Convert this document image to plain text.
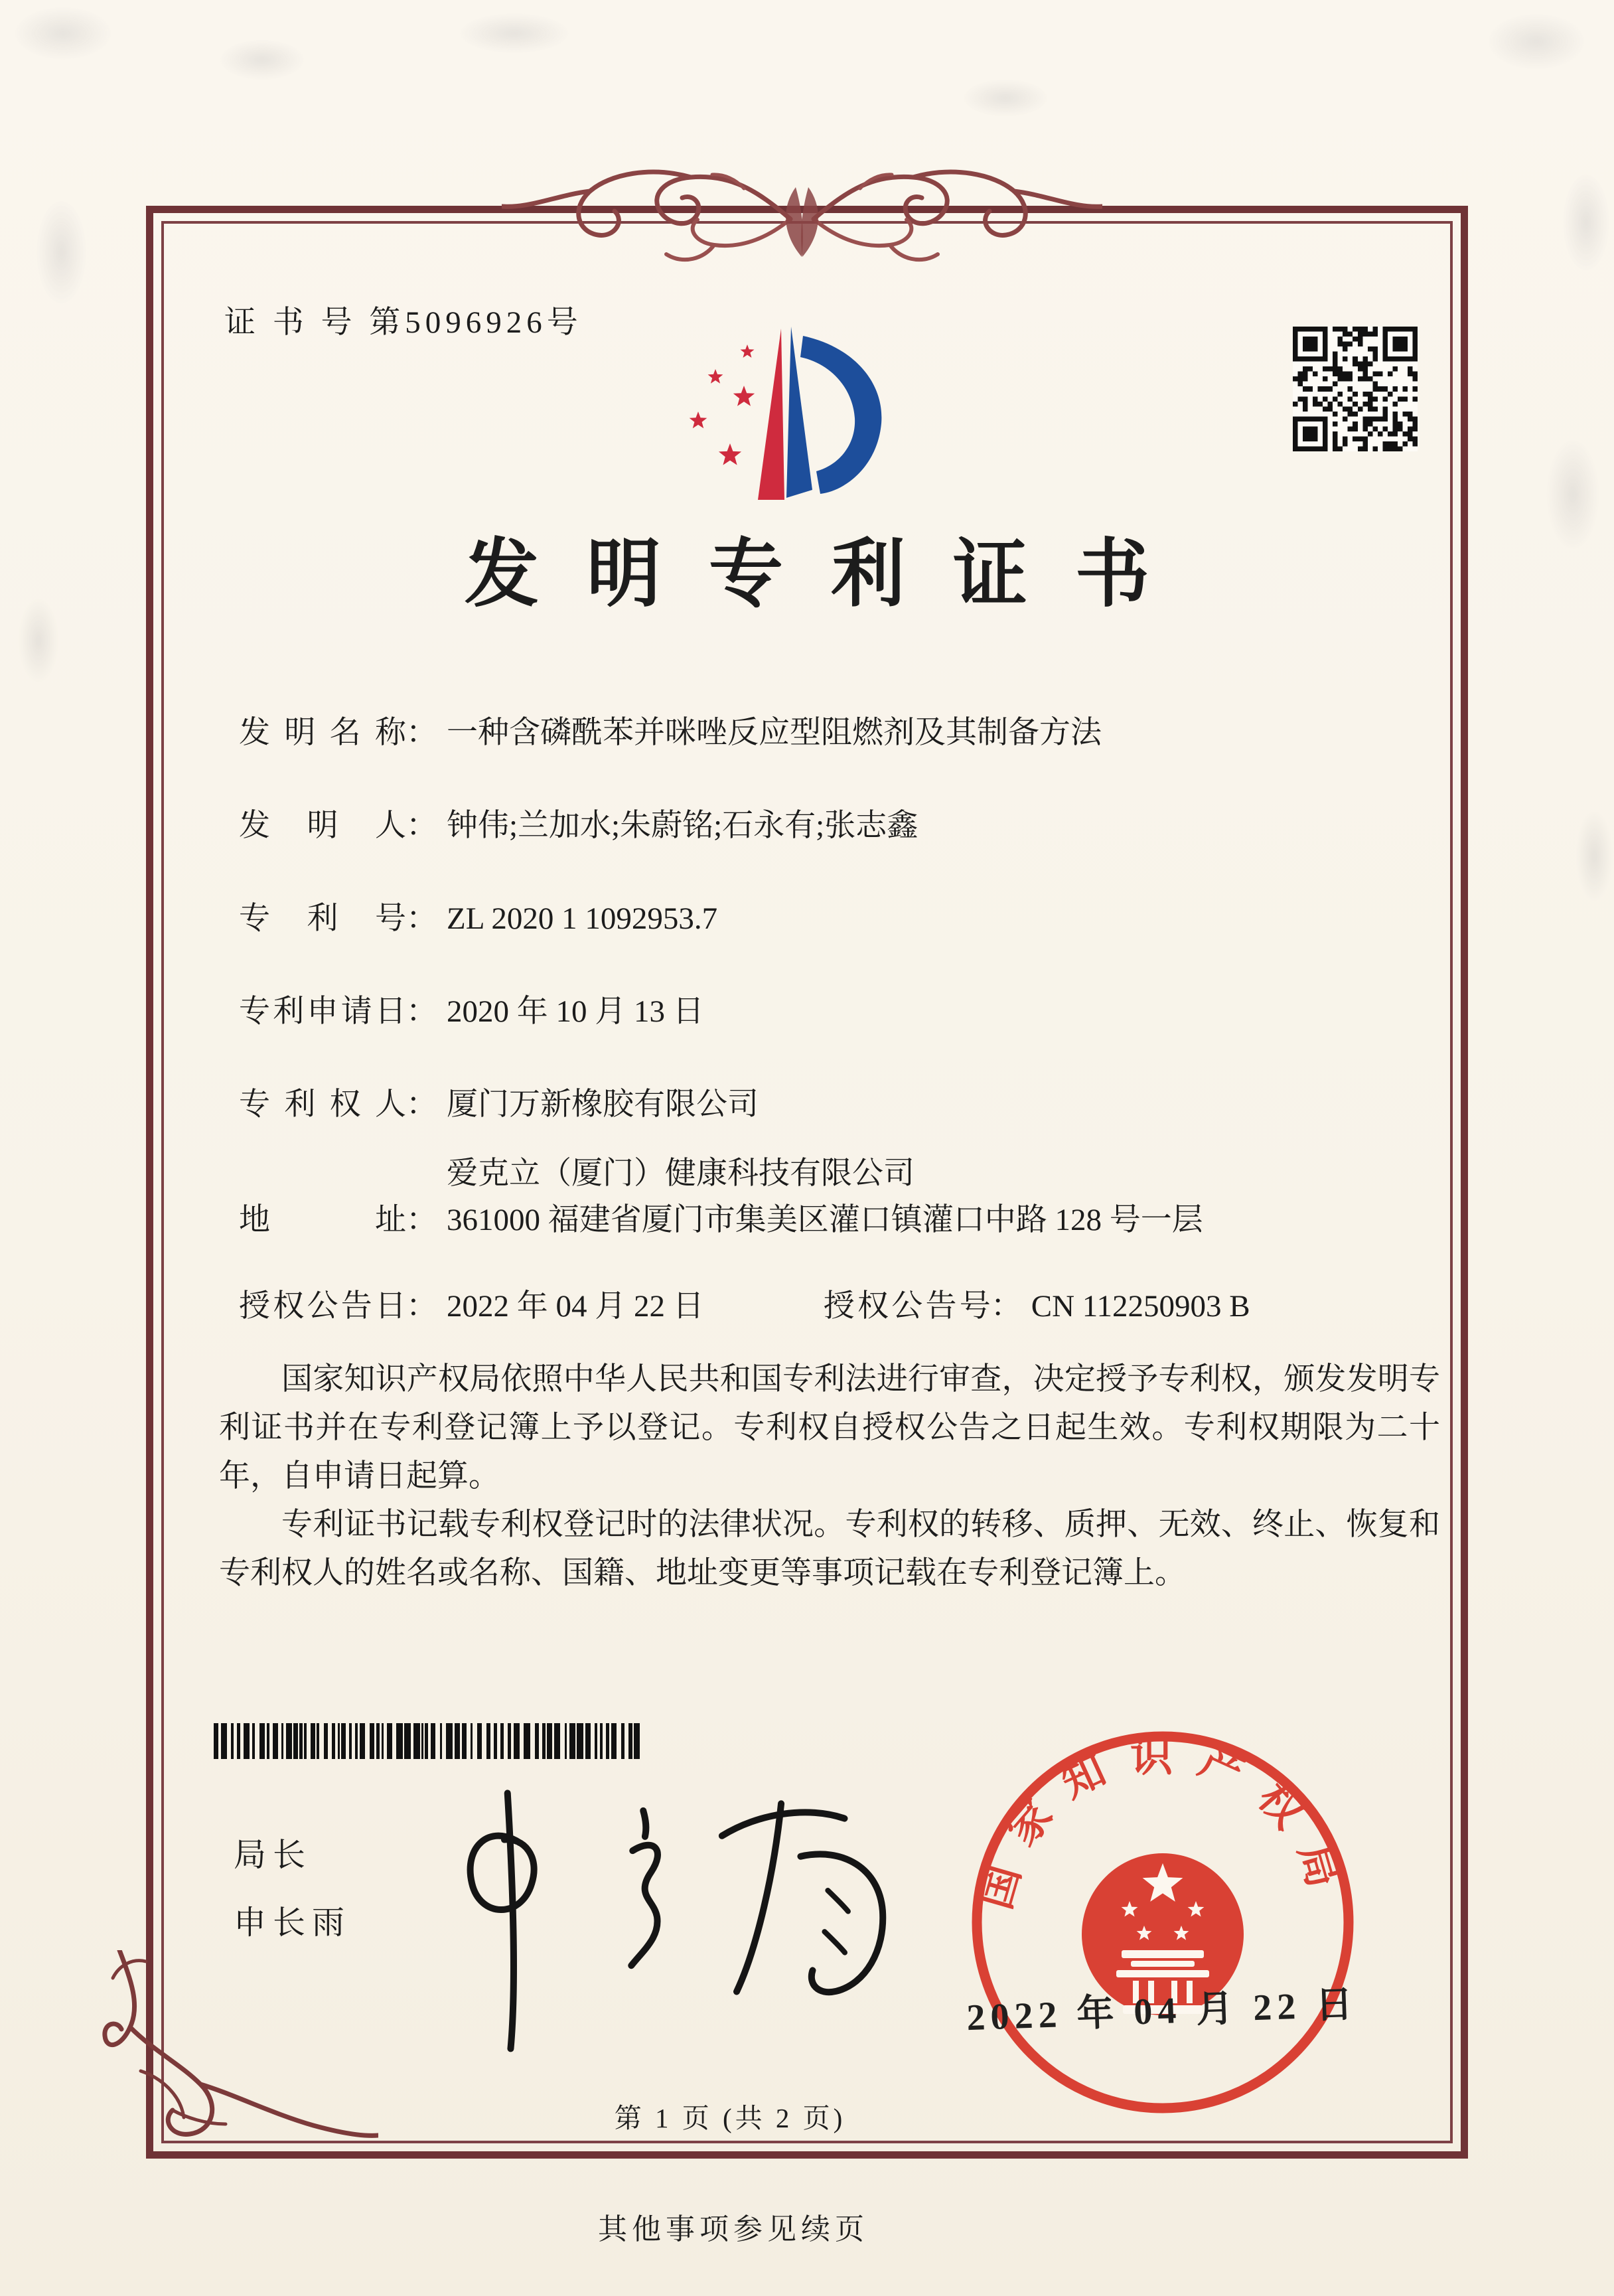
证 书 号 第5096926号
发明专利证书
发明名称 ： 一种含磷酰苯并咪唑反应型阻燃剂及其制备方法
发明人 ： 钟伟;兰加水;朱蔚铭;石永有;张志鑫
专利号 ： ZL 2020 1 1092953.7
专利申请日 ： 2020 年 10 月 13 日
专利权人 ： 厦门万新橡胶有限公司

爱克立（厦门）健康科技有限公司

地址 ： 361000 福建省厦门市集美区灌口镇灌口中路 128 号一层
授权公告日 ： 2022 年 04 月 22 日	授权公告号 ： CN 112250903 B

国家知识产权局依照中华人民共和国专利法进行审查，决定授予专利权，颁发发明专利证书并在专利登记簿上予以登记。专利权自授权公告之日起生效。专利权期限为二十年，自申请日起算。

专利证书记载专利权登记时的法律状况。专利权的转移、质押、无效、终止、恢复和专利权人的姓名或名称、国籍、地址变更等事项记载在专利登记簿上。

局长
申长雨
国家知识产权局
2022 年 04 月 22 日
第 1 页 (共 2 页)
其他事项参见续页
